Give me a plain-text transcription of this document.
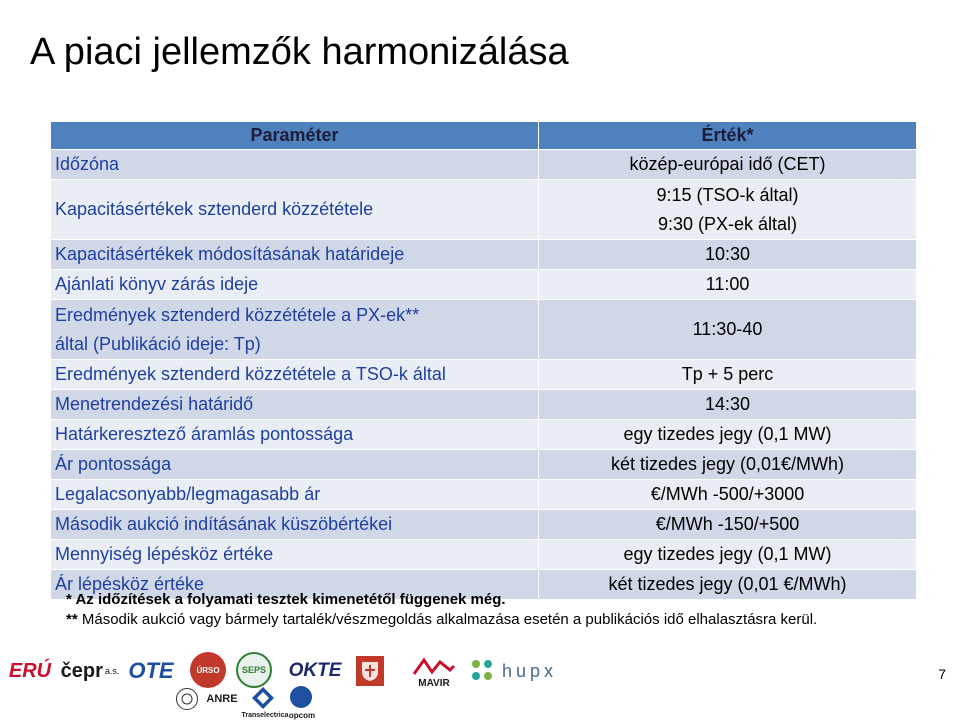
A piaci jellemzők harmonizálása
Paraméter	Érték*
Időzóna	közép-európai idő (CET)
Kapacitásértékek sztenderd közzététele	9:15 (TSO-k által)
9:30 (PX-ek által)

Kapacitásértékek módosításának határideje	10:30
Ajánlati könyv zárás ideje	11:00

Eredmények sztenderd közzététele a PX-ek**
által (Publikáció ideje: Tp)	11:30-40
Eredmények sztenderd közzététele a TSO-k által	Tp + 5 perc
Menetrendezési határidő	14:30
Határkeresztező áramlás pontossága	egy tizedes jegy (0,1 MW)
Ár pontossága	két tizedes jegy (0,01€/MWh)
Legalacsonyabb/legmagasabb ár	€/MWh -500/+3000
Második aukció indításának küszöbértékei	€/MWh -150/+500
Mennyiség lépésköz értéke	egy tizedes jegy (0,1 MW)
Ár lépésköz értéke	két tizedes jegy (0,01 €/MWh)
* Az időzítések a folyamati tesztek kimenetétől függenek még.
** Második aukció vagy bármely tartalék/vészmegoldás alkalmazása esetén a publikációs idő elhalasztásra kerül.
ERÚ čepr a.s. OTE	ÚRSO	SEPS	OKTE
MAVIR
hupx
ANRE
Transelectrica opcom
7
